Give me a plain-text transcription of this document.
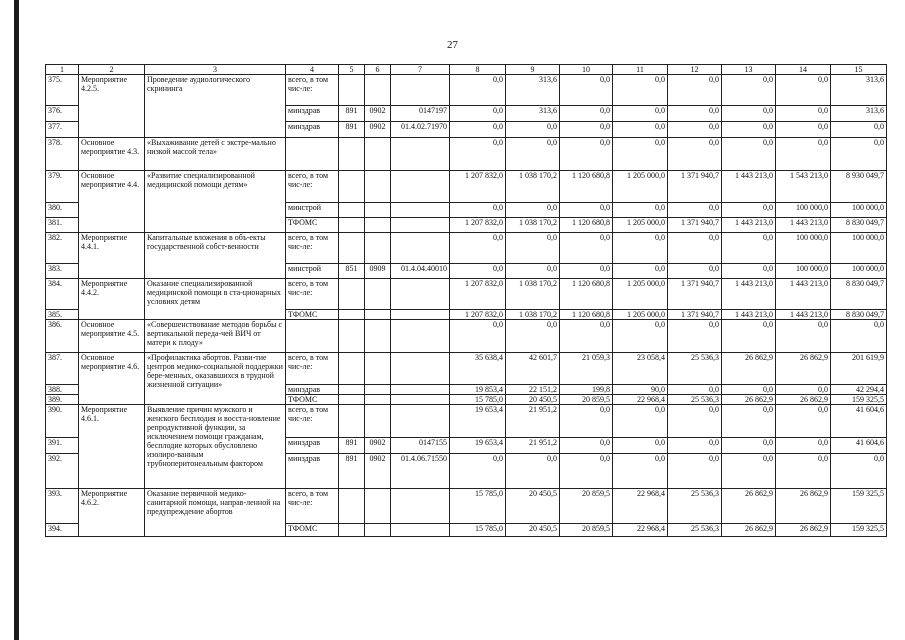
27
1	2	3	4	5	6	7	8	9	10	11	12	13	14	15
375.	Мероприятие 4.2.5.	Проведение аудиологического скрининга	всего, в том чис-ле:				0,0	313,6	0,0	0,0	0,0	0,0	0,0	313,6
376.			минздрав	891	0902	0147197	0,0	313,6	0,0	0,0	0,0	0,0	0,0	313,6
377.			минздрав	891	0902	01.4.02.71970	0,0	0,0	0,0	0,0	0,0	0,0	0,0	0,0
378.	Основное мероприятие 4.3.	«Выхаживание детей с экстре-мально низкой массой тела»					0,0	0,0	0,0	0,0	0,0	0,0	0,0	0,0
379.	Основное мероприятие 4.4.	«Развитие специализированной медицинской помощи детям»	всего, в том чис-ле:				1 207 832,0	1 038 170,2	1 120 680,8	1 205 000,0	1 371 940,7	1 443 213,0	1 543 213,0	8 930 049,7
380.			минстрой				0,0	0,0	0,0	0,0	0,0	0,0	100 000,0	100 000,0
381.			ТФОМС				1 207 832,0	1 038 170,2	1 120 680,8	1 205 000,0	1 371 940,7	1 443 213,0	1 443 213,0	8 830 049,7
382.	Мероприятие 4.4.1.	Капитальные вложения в объ-екты государственной собст-венности	всего, в том чис-ле:				0,0	0,0	0,0	0,0	0,0	0,0	100 000,0	100 000,0
383.			минстрой	851	0909	01.4.04.40010	0,0	0,0	0,0	0,0	0,0	0,0	100 000,0	100 000,0
384.	Мероприятие 4.4.2.	Оказание специализированной медицинской помощи в ста-ционарных условиях детям	всего, в том чис-ле:				1 207 832,0	1 038 170,2	1 120 680,8	1 205 000,0	1 371 940,7	1 443 213,0	1 443 213,0	8 830 049,7
385.			ТФОМС				1 207 832,0	1 038 170,2	1 120 680,8	1 205 000,0	1 371 940,7	1 443 213,0	1 443 213,0	8 830 049,7
386.	Основное мероприятие 4.5.	«Совершенствование методов борьбы с вертикальной переда-чей ВИЧ от матери к плоду»					0,0	0,0	0,0	0,0	0,0	0,0	0,0	0,0
387.	Основное мероприятие 4.6.	«Профилактика абортов. Разви-тие центров медико-социальной поддержки бере-менных, оказавшихся в трудной жизненной ситуации»	всего, в том чис-ле:				35 638,4	42 601,7	21 059,3	23 058,4	25 536,3	26 862,9	26 862,9	201 619,9
388.			минздрав				19 853,4	22 151,2	199,8	90,0	0,0	0,0	0,0	42 294,4
389.			ТФОМС				15 785,0	20 450,5	20 859,5	22 968,4	25 536,3	26 862,9	26 862,9	159 325,5
390.	Мероприятие 4.6.1.	Выявление причин мужского и женского бесплодия и восста-новление репродуктивной функции, за исключением помощи гражданам, бесплодие которых обусловлено изолиро-ванным трубноперитонеальным фактором	всего, в том чис-ле:				19 653,4	21 951,2	0,0	0,0	0,0	0,0	0,0	41 604,6
391.			минздрав	891	0902	0147155	19 653,4	21 951,2	0,0	0,0	0,0	0,0	0,0	41 604,6
392.			минздрав	891	0902	01.4.06.71550	0,0	0,0	0,0	0,0	0,0	0,0	0,0	0,0
393.	Мероприятие 4.6.2.	Оказание первичной медико-санитарной помощи, направ-ленной на предупреждение абортов	всего, в том чис-ле:				15 785,0	20 450,5	20 859,5	22 968,4	25 536,3	26 862,9	26 862,9	159 325,5
394.			ТФОМС				15 785,0	20 450,5	20 859,5	22 968,4	25 536,3	26 862,9	26 862,9	159 325,5
